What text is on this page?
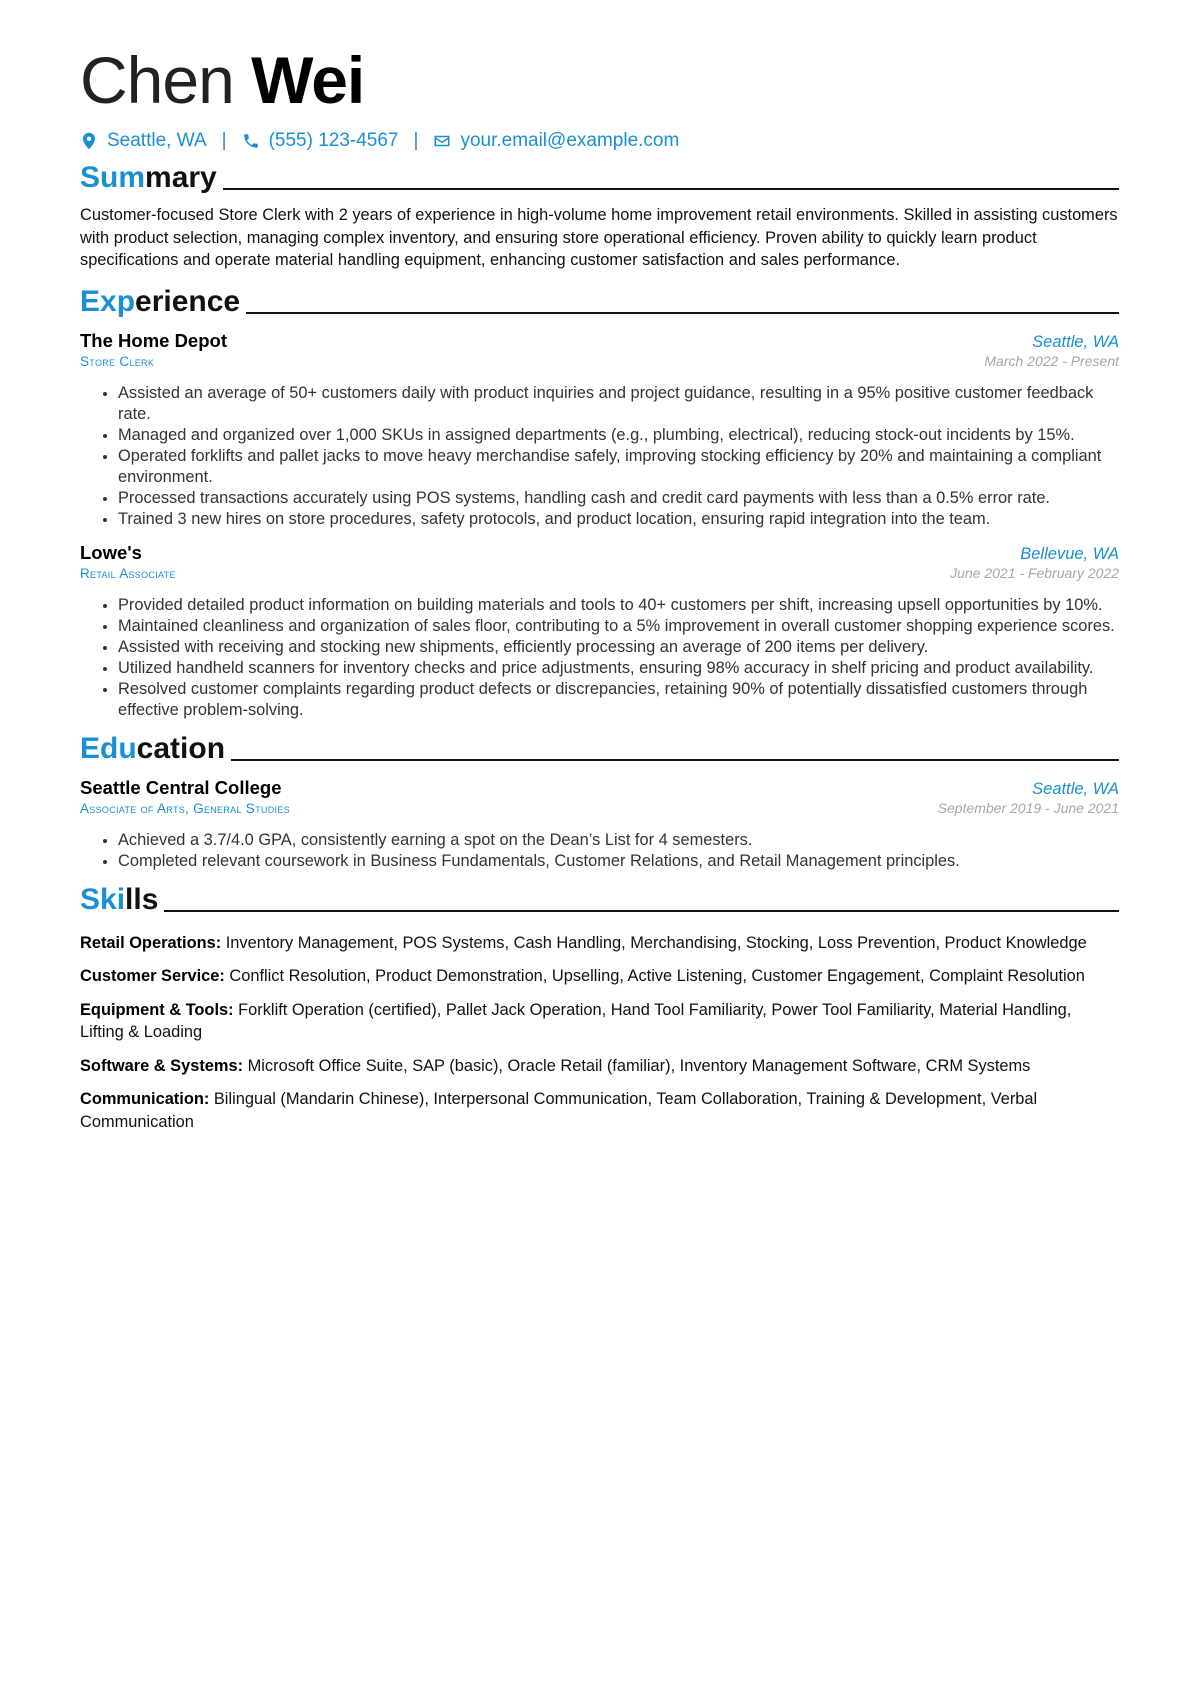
Chen Wei
Seattle, WA | (555) 123-4567 | your.email@example.com
Sum mary

Customer-focused Store Clerk with 2 years of experience in high-volume home improvement retail environments. Skilled in assisting customers with product selection, managing complex inventory, and ensuring store operational efficiency. Proven ability to quickly learn product specifications and operate material handling equipment, enhancing customer satisfaction and sales performance.

Exp erience
The Home Depot	Seattle, WA
Store Clerk	March 2022 - Present
• Assisted an average of 50+ customers daily with product inquiries and project guidance, resulting in a 95% positive customer feedback rate.
• Managed and organized over 1,000 SKUs in assigned departments (e.g., plumbing, electrical), reducing stock-out incidents by 15%.
• Operated forklifts and pallet jacks to move heavy merchandise safely, improving stocking efficiency by 20% and maintaining a compliant environment.
• Processed transactions accurately using POS systems, handling cash and credit card payments with less than a 0.5% error rate.
• Trained 3 new hires on store procedures, safety protocols, and product location, ensuring rapid integration into the team.
Lowe's	Bellevue, WA
Retail Associate	June 2021 - February 2022
• Provided detailed product information on building materials and tools to 40+ customers per shift, increasing upsell opportunities by 10%.
• Maintained cleanliness and organization of sales floor, contributing to a 5% improvement in overall customer shopping experience scores.
• Assisted with receiving and stocking new shipments, efficiently processing an average of 200 items per delivery.
• Utilized handheld scanners for inventory checks and price adjustments, ensuring 98% accuracy in shelf pricing and product availability.
• Resolved customer complaints regarding product defects or discrepancies, retaining 90% of potentially dissatisfied customers through effective problem-solving.
Edu cation
Seattle Central College	Seattle, WA
Associate of Arts, General Studies	September 2019 - June 2021
• Achieved a 3.7/4.0 GPA, consistently earning a spot on the Dean’s List for 4 semesters.
• Completed relevant coursework in Business Fundamentals, Customer Relations, and Retail Management principles.
Ski lls

Retail Operations: Inventory Management, POS Systems, Cash Handling, Merchandising, Stocking, Loss Prevention, Product Knowledge

Customer Service: Conflict Resolution, Product Demonstration, Upselling, Active Listening, Customer Engagement, Complaint Resolution

Equipment & Tools: Forklift Operation (certified), Pallet Jack Operation, Hand Tool Familiarity, Power Tool Familiarity, Material Handling, Lifting & Loading

Software & Systems: Microsoft Office Suite, SAP (basic), Oracle Retail (familiar), Inventory Management Software, CRM Systems

Communication: Bilingual (Mandarin Chinese), Interpersonal Communication, Team Collaboration, Training & Development, Verbal Communication
